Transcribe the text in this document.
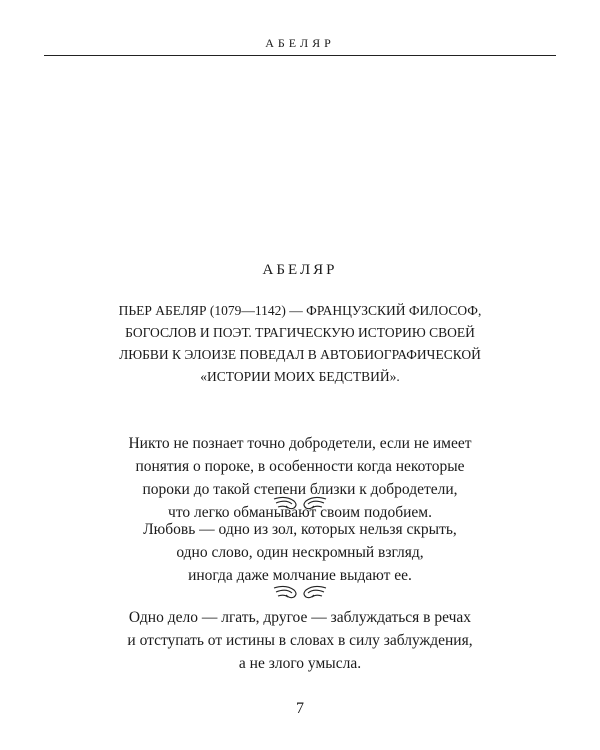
АБЕЛЯР
АБЕЛЯР
ПЬЕР АБЕЛЯР (1079—1142) — ФРАНЦУЗСКИЙ ФИЛОСОФ,
БОГОСЛОВ И ПОЭТ. ТРАГИЧЕСКУЮ ИСТОРИЮ СВОЕЙ
ЛЮБВИ К ЭЛОИЗЕ ПОВЕДАЛ В АВТОБИОГРАФИЧЕСКОЙ
«ИСТОРИИ МОИХ БЕДСТВИЙ».
Никто не познает точно добродетели, если не имеет
понятия о пороке, в особенности когда некоторые
пороки до такой степени близки к добродетели,
что легко обманывают своим подобием.
Любовь — одно из зол, которых нельзя скрыть,
одно слово, один нескромный взгляд,
иногда даже молчание выдают ее.
Одно дело — лгать, другое — заблуждаться в речах
и отступать от истины в словах в силу заблуждения,
а не злого умысла.
7
